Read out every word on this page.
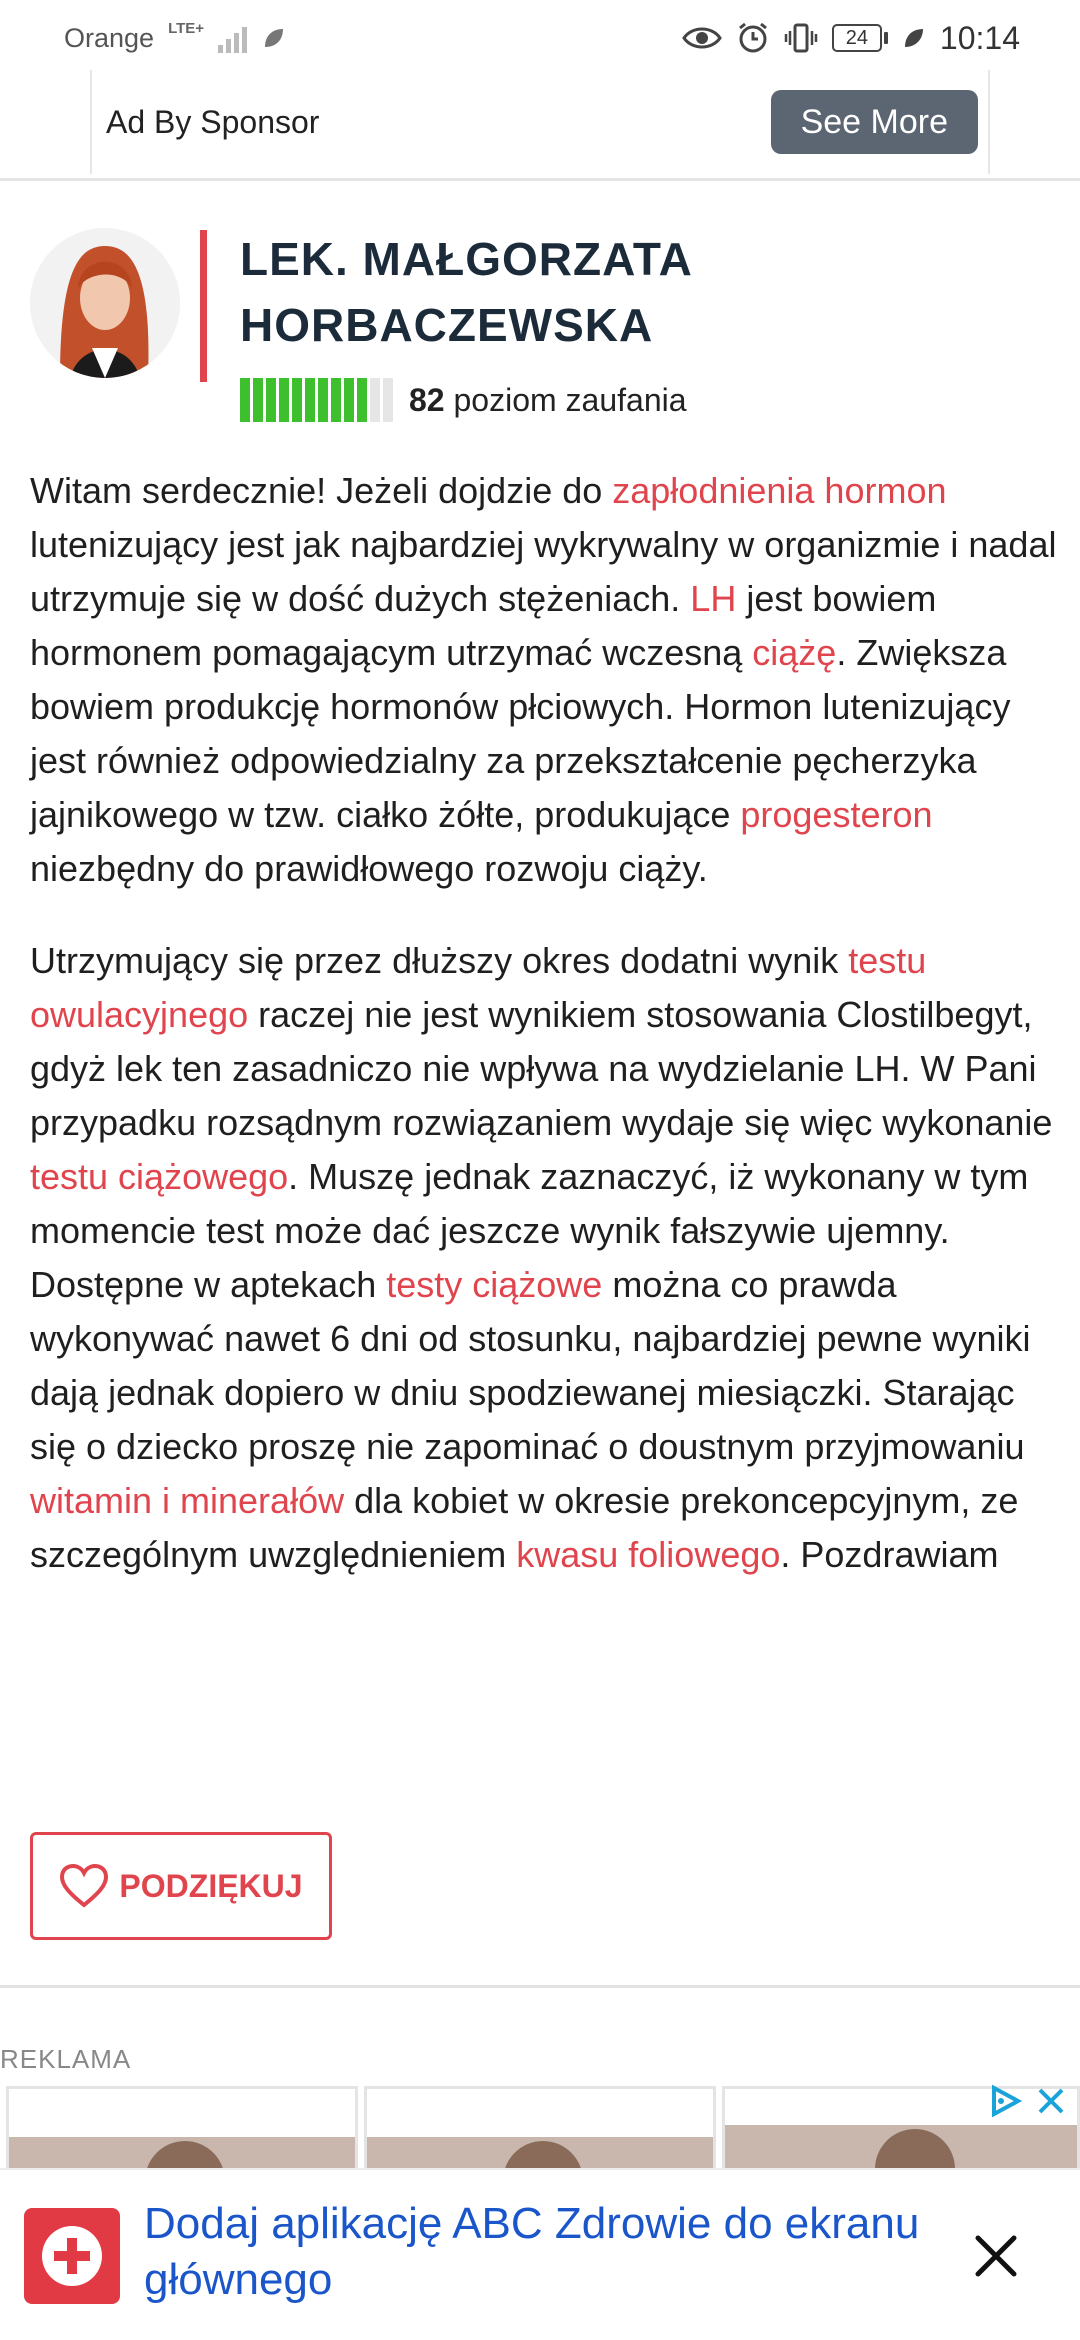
Orange LTE+	24	10:14
Ad By Sponsor	See More
LEK. MAŁGORZATA HORBACZEWSKA
82 poziom zaufania

Witam serdecznie! Jeżeli dojdzie do zapłodnienia hormon lutenizujący jest jak najbardziej wykrywalny w organizmie i nadal utrzymuje się w dość dużych stężeniach. LH jest bowiem hormonem pomagającym utrzymać wczesną ciążę. Zwiększa bowiem produkcję hormonów płciowych. Hormon lutenizujący jest również odpowiedzialny za przekształcenie pęcherzyka jajnikowego w tzw. ciałko żółte, produkujące progesteron niezbędny do prawidłowego rozwoju ciąży.

Utrzymujący się przez dłuższy okres dodatni wynik testu owulacyjnego raczej nie jest wynikiem stosowania Clostilbegyt, gdyż lek ten zasadniczo nie wpływa na wydzielanie LH. W Pani przypadku rozsądnym rozwiązaniem wydaje się więc wykonanie testu ciążowego. Muszę jednak zaznaczyć, iż wykonany w tym momencie test może dać jeszcze wynik fałszywie ujemny. Dostępne w aptekach testy ciążowe można co prawda wykonywać nawet 6 dni od stosunku, najbardziej pewne wyniki dają jednak dopiero w dniu spodziewanej miesiączki. Starając się o dziecko proszę nie zapominać o doustnym przyjmowaniu witamin i minerałów dla kobiet w okresie prekoncepcyjnym, ze szczególnym uwzględnieniem kwasu foliowego. Pozdrawiam

PODZIĘKUJ
REKLAMA
Dodaj aplikację ABC Zdrowie do ekranu głównego
